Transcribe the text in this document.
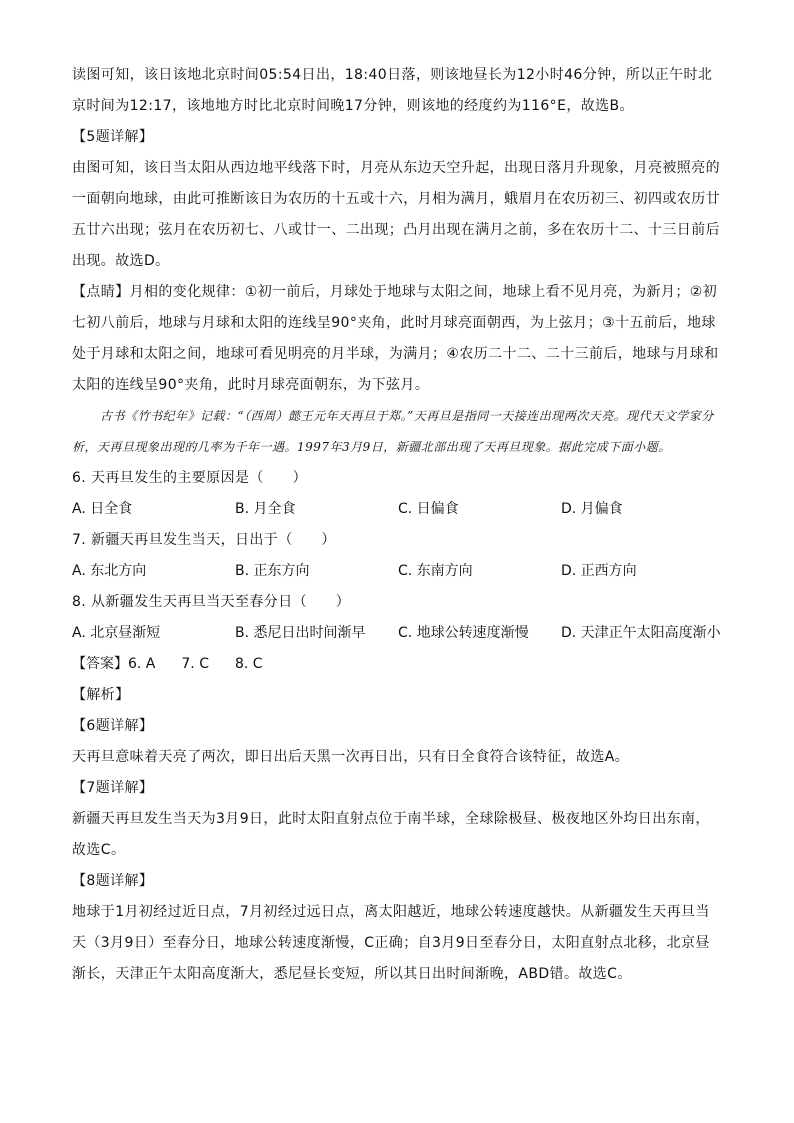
读图可知，该日该地北京时间05:54日出，18:40日落，则该地昼长为12小时46分钟，所以正午时北京时间为12:17，该地地方时比北京时间晚17分钟，则该地的经度约为116°E，故选B。

【5题详解】

由图可知，该日当太阳从西边地平线落下时，月亮从东边天空升起，出现日落月升现象，月亮被照亮的一面朝向地球，由此可推断该日为农历的十五或十六，月相为满月，蛾眉月在农历初三、初四或农历廿五廿六出现；弦月在农历初七、八或廿一、二出现；凸月出现在满月之前，多在农历十二、十三日前后出现。故选D。

【点睛】月相的变化规律：①初一前后，月球处于地球与太阳之间，地球上看不见月亮，为新月；②初七初八前后，地球与月球和太阳的连线呈90°夹角，此时月球亮面朝西，为上弦月；③十五前后，地球处于月球和太阳之间，地球可看见明亮的月半球，为满月；④农历二十二、二十三前后，地球与月球和太阳的连线呈90°夹角，此时月球亮面朝东，为下弦月。

古书《竹书纪年》记载：“（西周）懿王元年天再旦于郑。”天再旦是指同一天接连出现两次天亮。现代天文学家分析，天再旦现象出现的几率为千年一遇。1997年3月9日，新疆北部出现了天再旦现象。据此完成下面小题。

6. 天再旦发生的主要原因是（　　）

A. 日全食	B. 月全食	C. 日偏食	D. 月偏食

7. 新疆天再旦发生当天，日出于（　　）

A. 东北方向	B. 正东方向	C. 东南方向	D. 正西方向

8. 从新疆发生天再旦当天至春分日（　　）

A. 北京昼渐短	B. 悉尼日出时间渐早	C. 地球公转速度渐慢	D. 天津正午太阳高度渐小
【答案】6. A 7. C 8. C

【解析】

【6题详解】

天再旦意味着天亮了两次，即日出后天黑一次再日出，只有日全食符合该特征，故选A。

【7题详解】

新疆天再旦发生当天为3月9日，此时太阳直射点位于南半球，全球除极昼、极夜地区外均日出东南，故选C。

【8题详解】

地球于1月初经过近日点，7月初经过远日点，离太阳越近，地球公转速度越快。从新疆发生天再旦当天（3月9日）至春分日，地球公转速度渐慢，C正确；自3月9日至春分日，太阳直射点北移，北京昼渐长，天津正午太阳高度渐大，悉尼昼长变短，所以其日出时间渐晚，ABD错。故选C。
